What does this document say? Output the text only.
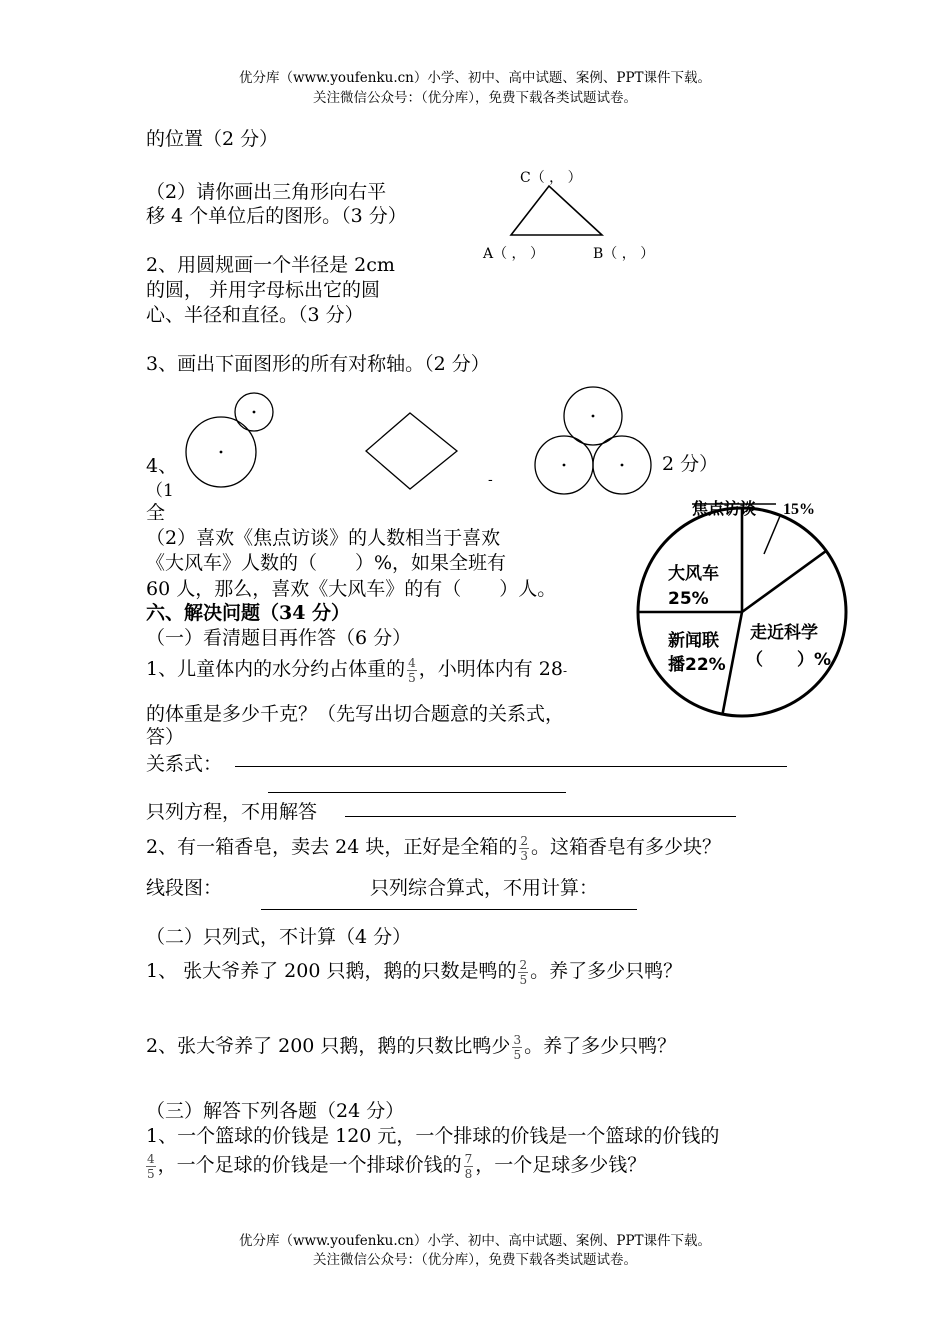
优分库（www.youfenku.cn）小学、初中、高中试题、案例、PPT课件下载。
关注微信公众号：（优分库），免费下载各类试题试卷。
的位置（2 分）
（2）请你画出三角形向右平
移 4 个单位后的图形。（3 分）
C（ ， ）
A（ ， ）	B（ ， ）
2、用圆规画一个半径是 2cm
的圆， 并用字母标出它的圆
心、半径和直径。（3 分）
3、画出下面图形的所有对称轴。（2 分）
4、	2 分）
（1
全
-
焦点访谈 15%
大风车
25%
走近科学
（　　）%
新闻联
播22%
（2）喜欢《焦点访谈》的人数相当于喜欢
《大风车》人数的（　　）%，如果全班有
60 人，那么，喜欢《大风车》的有（　　）人。
六、解决问题（34 分）
（一）看清题目再作答（6 分）
1、儿童体内的水分约占体重的 $\frac{4}{5}$ ，小明体内有 28-
的体重是多少千克？（先写出切合题意的关系式，
答）
关系式：
只列方程，不用解答
2、有一箱香皂，卖去 24 块，正好是全箱的 $\frac{2}{3}$ 。这箱香皂有多少块？
线段图：	只列综合算式，不用计算：
（二）只列式，不计算（4 分）
1、 张大爷养了 200 只鹅，鹅的只数是鸭的 $\frac{2}{5}$ 。养了多少只鸭？
2、张大爷养了 200 只鹅，鹅的只数比鸭少 $\frac{3}{5}$ 。养了多少只鸭？
（三）解答下列各题（24 分）
1、一个篮球的价钱是 120 元，一个排球的价钱是一个篮球的价钱的
$\frac{4}{5}$ ，一个足球的价钱是一个排球价钱的 $\frac{7}{8}$ ，一个足球多少钱？
优分库（www.youfenku.cn）小学、初中、高中试题、案例、PPT课件下载。
关注微信公众号：（优分库），免费下载各类试题试卷。
